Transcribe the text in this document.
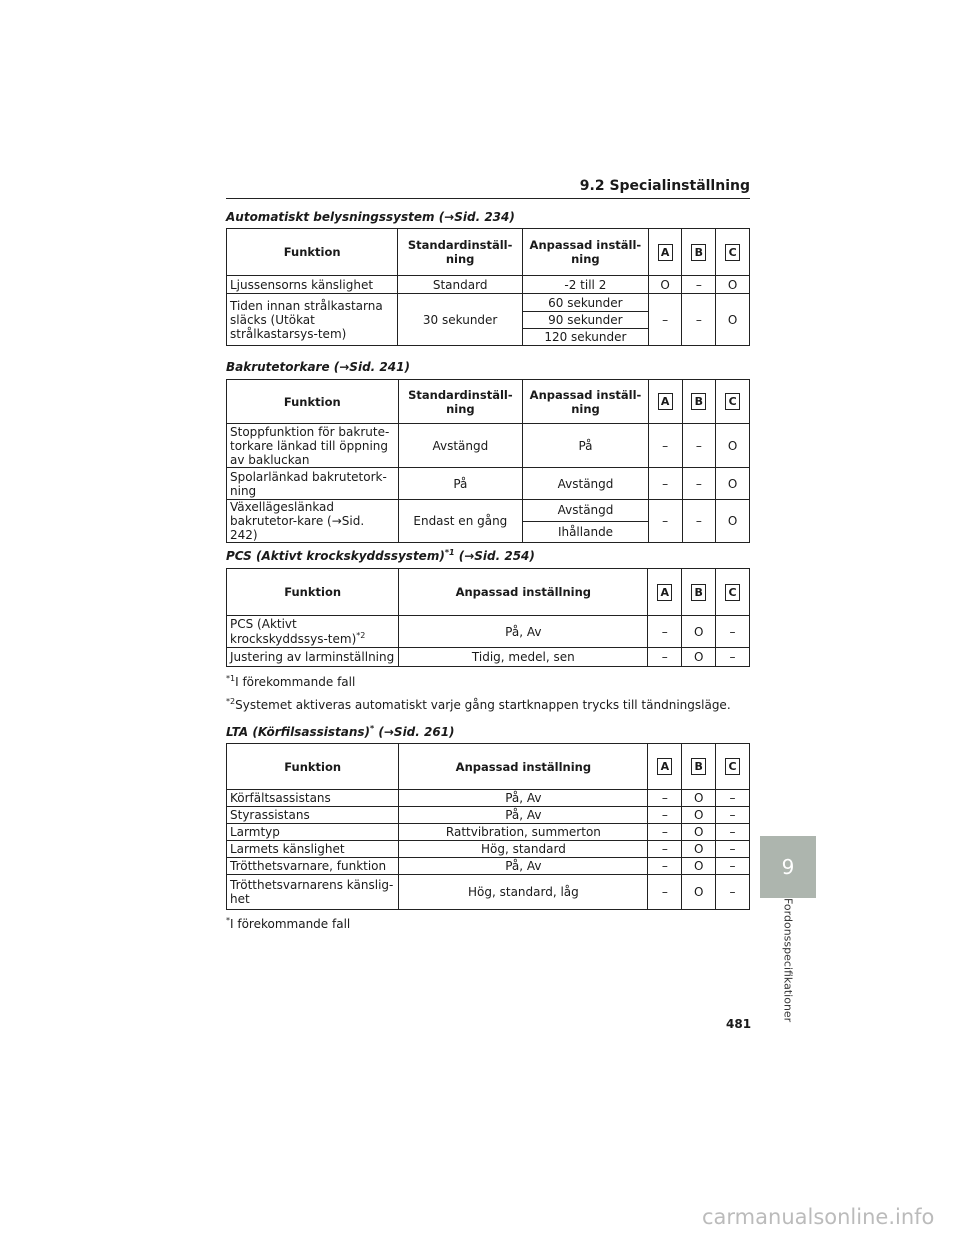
9.2 Specialinställning
Automatiskt belysningssystem (→Sid. 234)
Funktion	Standardinställ-ning	Anpassad inställ-ning	A	B	C
Ljussensorns känslighet	Standard	-2 till 2	O	–	O
Tiden innan strålkastarna släcks (Utökat strålkastarsys-tem)	30 sekunder	60 sekunder	–	–	O
		90 sekunder			
		120 sekunder			
Bakrutetorkare (→Sid. 241)
Funktion	Standardinställ-ning	Anpassad inställ-ning	A	B	C
Stoppfunktion för bakrute-torkare länkad till öppning av bakluckan	Avstängd	På	–	–	O
Spolarlänkad bakrutetork-ning	På	Avstängd	–	–	O
Växellägeslänkad bakrutetor-kare (→Sid. 242)	Endast en gång	Avstängd	–	–	O
		Ihållande			
PCS (Aktivt krockskyddssystem)$^{*1}$ (→Sid. 254)
Funktion	Anpassad inställning	A	B	C
PCS (Aktivt krockskyddssys-tem)$^{*2}$	På, Av	–	O	–
Justering av larminställning	Tidig, medel, sen	–	O	–
$^{*1}$I förekommande fall
$^{*2}$Systemet aktiveras automatiskt varje gång startknappen trycks till tändningsläge.
LTA (Körfilsassistans)* (→Sid. 261)
Funktion	Anpassad inställning	A	B	C
Körfältsassistans	På, Av	–	O	–
Styrassistans	På, Av	–	O	–
Larmtyp	Rattvibration, summerton	–	O	–
Larmets känslighet	Hög, standard	–	O	–
Trötthetsvarnare, funktion	På, Av	–	O	–
Trötthetsvarnarens känslig-het	Hög, standard, låg	–	O	–
*I förekommande fall
9
Fordonsspecifikationer
481
carmanualsonline.info
